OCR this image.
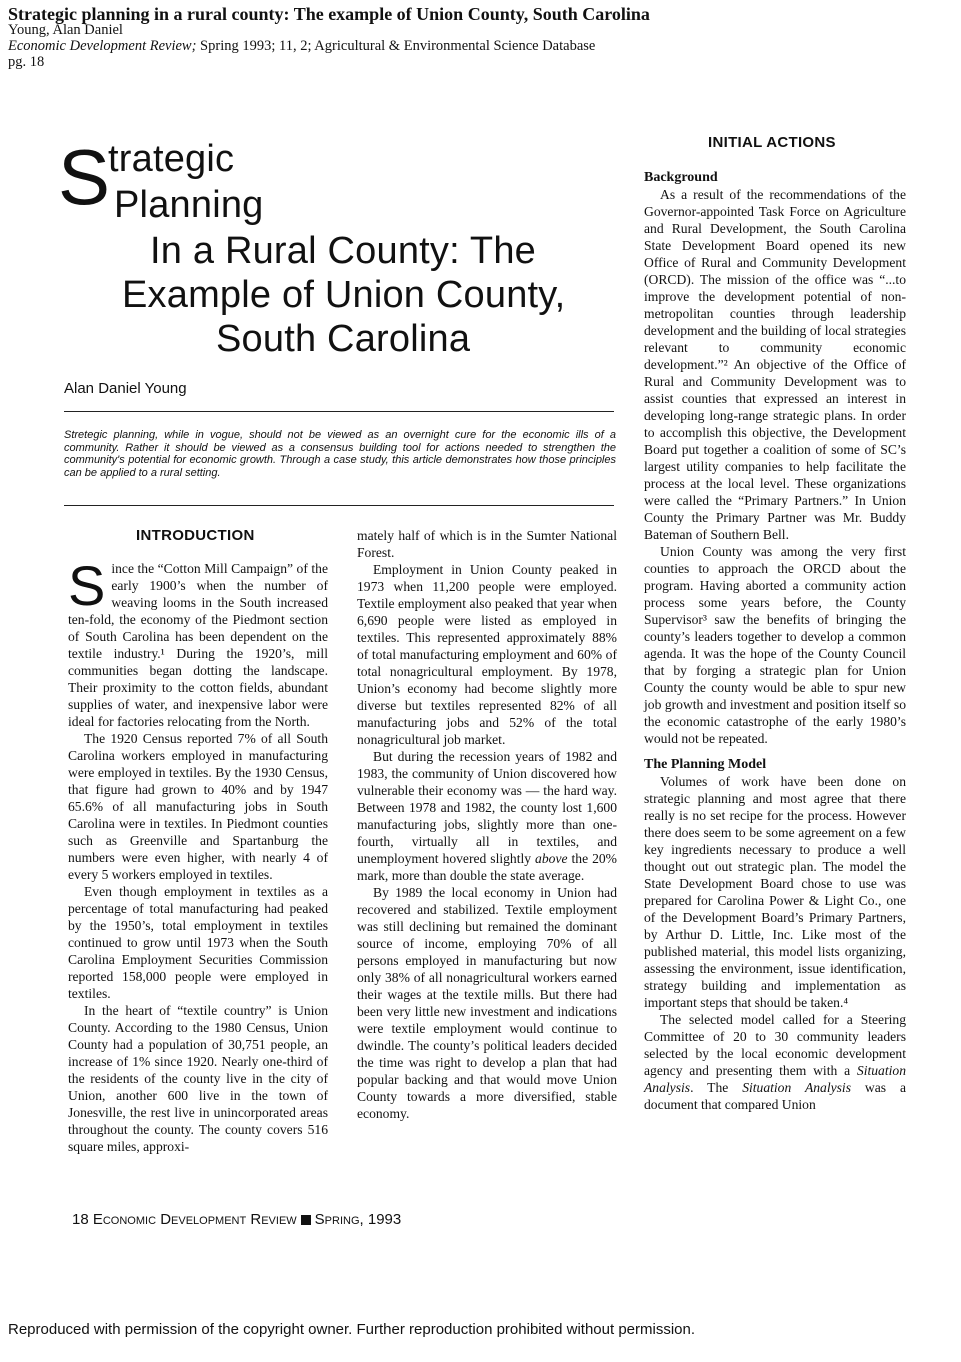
Strategic planning in a rural county: The example of Union County, South Carolina
Young, Alan Daniel
Economic Development Review; Spring 1993; 11, 2; Agricultural & Environmental Science Database
pg. 18
S
trategic
Planning
In a Rural County: The
Example of Union County,
South Carolina
Alan Daniel Young
Stretegic planning, while in vogue, should not be viewed as an overnight cure for the economic ills of a community. Rather it should be viewed as a consensus building tool for actions needed to strengthen the community's potential for economic growth. Through a case study, this article demonstrates how those principles can be applied to a rural setting.
INTRODUCTION

Since the “Cotton Mill Campaign” of the early 1900’s when the number of weaving looms in the South increased ten-fold, the economy of the Piedmont section of South Carolina has been dependent on the textile industry.¹ During the 1920’s, mill communities began dotting the landscape. Their proximity to the cotton fields, abundant supplies of water, and inexpensive labor were ideal for factories relocating from the North.

The 1920 Census reported 7% of all South Carolina workers employed in manufacturing were employed in textiles. By the 1930 Census, that figure had grown to 40% and by 1947 65.6% of all manufacturing jobs in South Carolina were in textiles. In Piedmont counties such as Greenville and Spartanburg the numbers were even higher, with nearly 4 of every 5 workers employed in textiles.

Even though employment in textiles as a percentage of total manufacturing had peaked by the 1950’s, total employment in textiles continued to grow until 1973 when the South Carolina Employment Securities Commission reported 158,000 people were employed in textiles.

In the heart of “textile country” is Union County. According to the 1980 Census, Union County had a population of 30,751 people, an increase of 1% since 1920. Nearly one-third of the residents of the county live in the city of Union, another 600 live in the town of Jonesville, the rest live in unincorporated areas throughout the county. The county covers 516 square miles, approxi-

mately half of which is in the Sumter National Forest.

Employment in Union County peaked in 1973 when 11,200 people were employed. Textile employment also peaked that year when 6,690 people were listed as employed in textiles. This represented approximately 88% of total manufacturing employment and 60% of total nonagricultural employment. By 1978, Union’s economy had become slightly more diverse but textiles represented 82% of all manufacturing jobs and 52% of the total nonagricultural job market.

But during the recession years of 1982 and 1983, the community of Union discovered how vulnerable their economy was — the hard way. Between 1978 and 1982, the county lost 1,600 manufacturing jobs, slightly more than one-fourth, virtually all in textiles, and unemployment hovered slightly above the 20% mark, more than double the state average.

By 1989 the local economy in Union had recovered and stabilized. Textile employment was still declining but remained the dominant source of income, employing 70% of all persons employed in manufacturing but now only 38% of all nonagricultural workers earned their wages at the textile mills. But there had been very little new investment and indications were textile employment would continue to dwindle. The county’s political leaders decided the time was right to develop a plan that had popular backing and that would move Union County towards a more diversified, stable economy.

INITIAL ACTIONS

Background

As a result of the recommendations of the Governor-appointed Task Force on Agriculture and Rural Development, the South Carolina State Development Board opened its new Office of Rural and Community Development (ORCD). The mission of the office was “...to improve the development potential of non-metropolitan counties through leadership development and the building of local strategies relevant to community economic development.”² An objective of the Office of Rural and Community Development was to assist counties that expressed an interest in developing long-range strategic plans. In order to accomplish this objective, the Development Board put together a coalition of some of SC’s largest utility companies to help facilitate the process at the local level. These organizations were called the “Primary Partners.” In Union County the Primary Partner was Mr. Buddy Bateman of Southern Bell.

Union County was among the very first counties to approach the ORCD about the program. Having aborted a community action process some years before, the County Supervisor³ saw the benefits of bringing the county’s leaders together to develop a common agenda. It was the hope of the County Council that by forging a strategic plan for Union County the county would be able to spur new job growth and investment and position itself so the economic catastrophe of the early 1980’s would not be repeated.

The Planning Model

Volumes of work have been done on strategic planning and most agree that there really is no set recipe for the process. However there does seem to be some agreement on a few key ingredients necessary to produce a well thought out out strategic plan. The model the State Development Board chose to use was prepared for Carolina Power & Light Co., one of the Development Board’s Primary Partners, by Arthur D. Little, Inc. Like most of the published material, this model lists organizing, assessing the environment, issue identification, strategy building and implementation as important steps that should be taken.⁴

The selected model called for a Steering Committee of 20 to 30 community leaders selected by the local economic development agency and presenting them with a Situation Analysis. The Situation Analysis was a document that compared Union

18 Economic Development Review Spring, 1993
Reproduced with permission of the copyright owner. Further reproduction prohibited without permission.
